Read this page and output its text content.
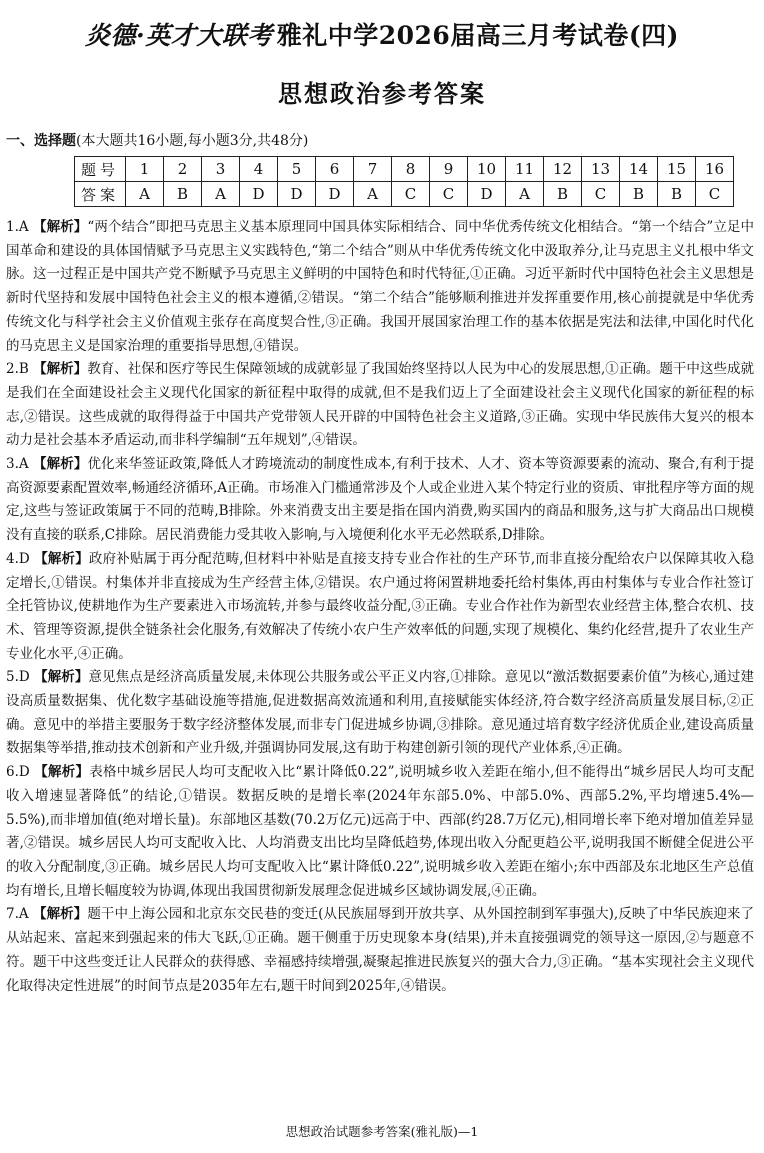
炎德·英才大联考 雅礼中学2026届高三月考试卷(四)
思想政治参考答案
一、选择题(本大题共16小题,每小题3分,共48分)
题号	1	2	3	4	5	6	7	8	9	10	11	12	13	14	15	16
答案	A	B	A	D	D	D	A	C	C	D	A	B	C	B	B	C
1.A 【解析】“两个结合”即把马克思主义基本原理同中国具体实际相结合、同中华优秀传统文化相结合。“第一个结合”立足中国革命和建设的具体国情赋予马克思主义实践特色,“第二个结合”则从中华优秀传统文化中汲取养分,让马克思主义扎根中华文脉。这一过程正是中国共产党不断赋予马克思主义鲜明的中国特色和时代特征,①正确。习近平新时代中国特色社会主义思想是新时代坚持和发展中国特色社会主义的根本遵循,②错误。“第二个结合”能够顺利推进并发挥重要作用,核心前提就是中华优秀传统文化与科学社会主义价值观主张存在高度契合性,③正确。我国开展国家治理工作的基本依据是宪法和法律,中国化时代化的马克思主义是国家治理的重要指导思想,④错误。
2.B 【解析】教育、社保和医疗等民生保障领域的成就彰显了我国始终坚持以人民为中心的发展思想,①正确。题干中这些成就是我们在全面建设社会主义现代化国家的新征程中取得的成就,但不是我们迈上了全面建设社会主义现代化国家的新征程的标志,②错误。这些成就的取得得益于中国共产党带领人民开辟的中国特色社会主义道路,③正确。实现中华民族伟大复兴的根本动力是社会基本矛盾运动,而非科学编制“五年规划”,④错误。
3.A 【解析】优化来华签证政策,降低人才跨境流动的制度性成本,有利于技术、人才、资本等资源要素的流动、聚合,有利于提高资源要素配置效率,畅通经济循环,A正确。市场准入门槛通常涉及个人或企业进入某个特定行业的资质、审批程序等方面的规定,这些与签证政策属于不同的范畴,B排除。外来消费支出主要是指在国内消费,购买国内的商品和服务,这与扩大商品出口规模没有直接的联系,C排除。居民消费能力受其收入影响,与入境便利化水平无必然联系,D排除。
4.D 【解析】政府补贴属于再分配范畴,但材料中补贴是直接支持专业合作社的生产环节,而非直接分配给农户以保障其收入稳定增长,①错误。村集体并非直接成为生产经营主体,②错误。农户通过将闲置耕地委托给村集体,再由村集体与专业合作社签订全托管协议,使耕地作为生产要素进入市场流转,并参与最终收益分配,③正确。专业合作社作为新型农业经营主体,整合农机、技术、管理等资源,提供全链条社会化服务,有效解决了传统小农户生产效率低的问题,实现了规模化、集约化经营,提升了农业生产专业化水平,④正确。
5.D 【解析】意见焦点是经济高质量发展,未体现公共服务或公平正义内容,①排除。意见以“激活数据要素价值”为核心,通过建设高质量数据集、优化数字基础设施等措施,促进数据高效流通和利用,直接赋能实体经济,符合数字经济高质量发展目标,②正确。意见中的举措主要服务于数字经济整体发展,而非专门促进城乡协调,③排除。意见通过培育数字经济优质企业,建设高质量数据集等举措,推动技术创新和产业升级,并强调协同发展,这有助于构建创新引领的现代产业体系,④正确。
6.D 【解析】表格中城乡居民人均可支配收入比“累计降低0.22”,说明城乡收入差距在缩小,但不能得出“城乡居民人均可支配收入增速显著降低”的结论,①错误。数据反映的是增长率(2024年东部5.0%、中部5.0%、西部5.2%,平均增速5.4%—5.5%),而非增加值(绝对增长量)。东部地区基数(70.2万亿元)远高于中、西部(约28.7万亿元),相同增长率下绝对增加值差异显著,②错误。城乡居民人均可支配收入比、人均消费支出比均呈降低趋势,体现出收入分配更趋公平,说明我国不断健全促进公平的收入分配制度,③正确。城乡居民人均可支配收入比“累计降低0.22”,说明城乡收入差距在缩小;东中西部及东北地区生产总值均有增长,且增长幅度较为协调,体现出我国贯彻新发展理念促进城乡区域协调发展,④正确。
7.A 【解析】题干中上海公园和北京东交民巷的变迁(从民族屈辱到开放共享、从外国控制到军事强大),反映了中华民族迎来了从站起来、富起来到强起来的伟大飞跃,①正确。题干侧重于历史现象本身(结果),并未直接强调党的领导这一原因,②与题意不符。题干中这些变迁让人民群众的获得感、幸福感持续增强,凝聚起推进民族复兴的强大合力,③正确。“基本实现社会主义现代化取得决定性进展”的时间节点是2035年左右,题干时间到2025年,④错误。
思想政治试题参考答案(雅礼版)—1
